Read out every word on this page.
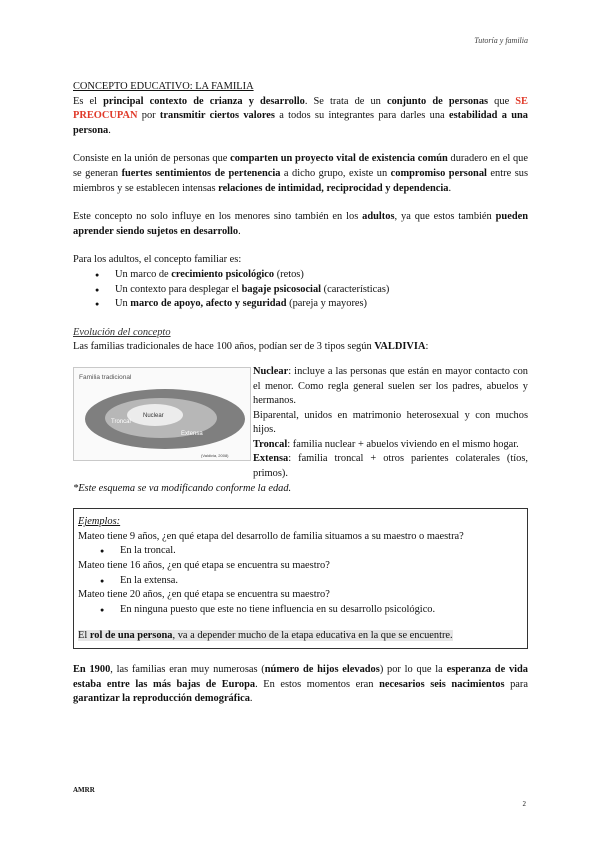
Tutoría y familia

CONCEPTO EDUCATIVO: LA FAMILIA

Es el principal contexto de crianza y desarrollo. Se trata de un conjunto de personas que SE PREOCUPAN por transmitir ciertos valores a todos su integrantes para darles una estabilidad a una persona.

Consiste en la unión de personas que comparten un proyecto vital de existencia común duradero en el que se generan fuertes sentimientos de pertenencia a dicho grupo, existe un compromiso personal entre sus miembros y se establecen intensas relaciones de intimidad, reciprocidad y dependencia.

Este concepto no solo influye en los menores sino también en los adultos, ya que estos también pueden aprender siendo sujetos en desarrollo.

Para los adultos, el concepto familiar es:

● Un marco de crecimiento psicológico (retos)
● Un contexto para desplegar el bagaje psicosocial (características)
● Un marco de apoyo, afecto y seguridad (pareja y mayores)

Evolución del concepto

Las familias tradicionales de hace 100 años, podían ser de 3 tipos según VALDIVIA:

Familia tradicional
Nuclear
Troncal
Extensa
(Valdivia, 2008)

Nuclear: incluye a las personas que están en mayor contacto con el menor. Como regla general suelen ser los padres, abuelos y hermanos.

Biparental, unidos en matrimonio heterosexual y con muchos hijos.

Troncal: familia nuclear + abuelos viviendo en el mismo hogar.

Extensa: familia troncal + otros parientes colaterales (tíos, primos).

*Este esquema se va modificando conforme la edad.

Ejemplos:

Mateo tiene 9 años, ¿en qué etapa del desarrollo de familia situamos a su maestro o maestra?

● En la troncal.

Mateo tiene 16 años, ¿en qué etapa se encuentra su maestro?

● En la extensa.

Mateo tiene 20 años, ¿en qué etapa se encuentra su maestro?

● En ninguna puesto que este no tiene influencia en su desarrollo psicológico.

El rol de una persona, va a depender mucho de la etapa educativa en la que se encuentre.

En 1900, las familias eran muy numerosas (número de hijos elevados) por lo que la esperanza de vida estaba entre las más bajas de Europa. En estos momentos eran necesarios seis nacimientos para garantizar la reproducción demográfica.

AMRR
2
